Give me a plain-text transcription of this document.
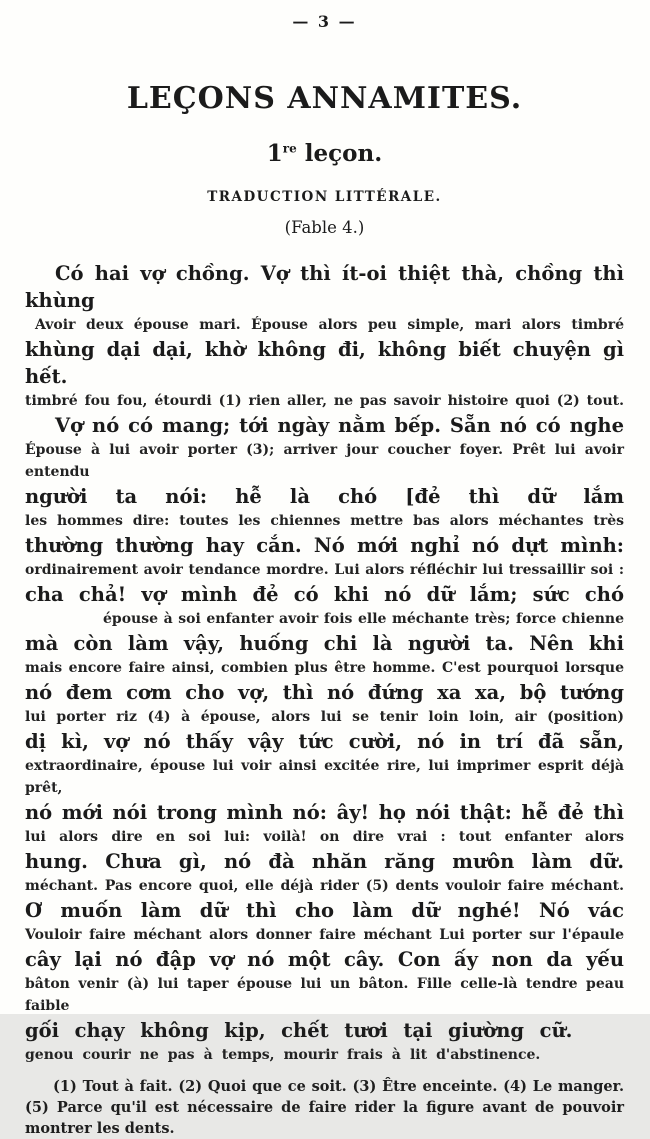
— 3 —
LEÇONS ANNAMITES.
1re leçon.
TRADUCTION LITTÉRALE.
(Fable 4.)
Có hai vợ chồng. Vợ thì ít-oi thiệt thà, chồng thì khùng
Avoir deux épouse mari. Épouse alors peu simple, mari alors timbré
khùng dại dại, khờ không đi, không biết chuyện gì hết.
timbré fou fou, étourdi (1) rien aller, ne pas savoir histoire quoi (2) tout.
Vợ nó có mang; tới ngày nằm bếp. Sẵn nó có nghe
Épouse à lui avoir porter (3); arriver jour coucher foyer. Prêt lui avoir entendu
người ta nói: hễ là chó [đẻ thì dữ lắm
les hommes dire: toutes les chiennes mettre bas alors méchantes très
thường thường hay cắn. Nó mới nghỉ nó dựt mình:
ordinairement avoir tendance mordre. Lui alors réfléchir lui tressaillir soi :
cha chả! vợ mình đẻ có khi nó dữ lắm; sức chó
épouse à soi enfanter avoir fois elle méchante très; force chienne
mà còn làm vậy, huống chi là người ta. Nên khi
mais encore faire ainsi, combien plus être homme. C'est pourquoi lorsque
nó đem cơm cho vợ, thì nó đứng xa xa, bộ tướng
lui porter riz (4) à épouse, alors lui se tenir loin loin, air (position)
dị kì, vợ nó thấy vậy tức cười, nó in trí đã sẵn,
extraordinaire, épouse lui voir ainsi excitée rire, lui imprimer esprit déjà prêt,
nó mới nói trong mình nó: ây! họ nói thật: hễ đẻ thì
lui alors dire en soi lui: voilà! on dire vrai : tout enfanter alors
hung. Chưa gì, nó đà nhăn răng mưôn làm dữ.
méchant. Pas encore quoi, elle déjà rider (5) dents vouloir faire méchant.
Ơ muốn làm dữ thì cho làm dữ nghé! Nó vác
Vouloir faire méchant alors donner faire méchant Lui porter sur l'épaule
cây lại nó đập vợ nó một cây. Con ấy non da yếu
bâton venir (à) lui taper épouse lui un bâton. Fille celle-là tendre peau faible
gối chạy không kịp, chết tươi tại giường cữ.
genou courir ne pas à temps, mourir frais à lit d'abstinence.
(1) Tout à fait. (2) Quoi que ce soit. (3) Être enceinte. (4) Le manger. (5) Parce qu'il est nécessaire de faire rider la figure avant de pouvoir montrer les dents.
